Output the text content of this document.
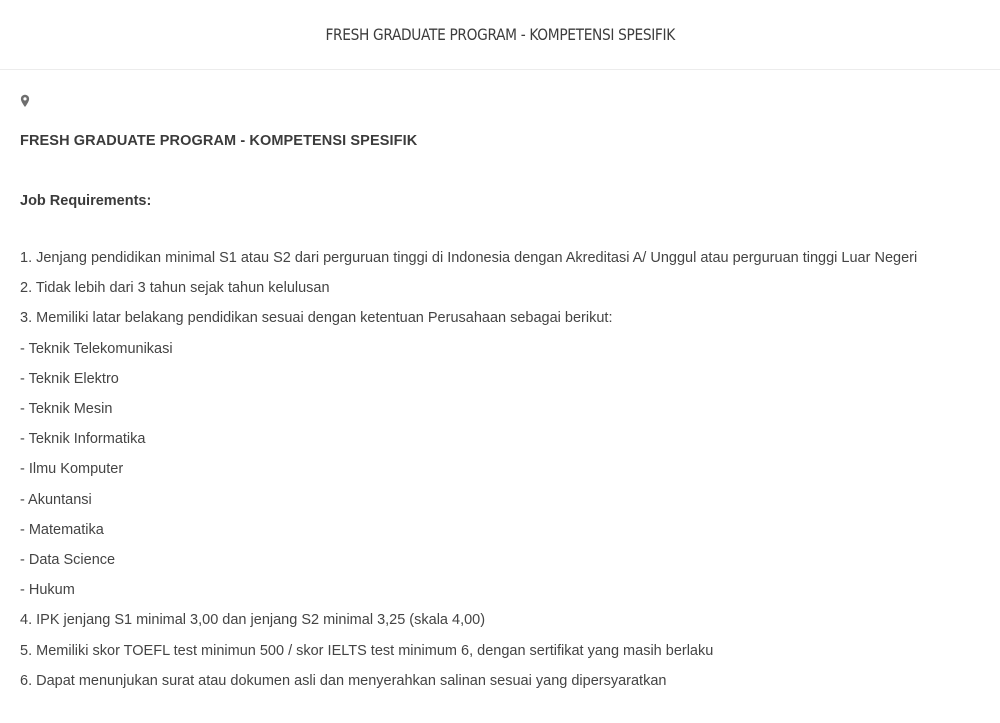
FRESH GRADUATE PROGRAM - KOMPETENSI SPESIFIK
FRESH GRADUATE PROGRAM - KOMPETENSI SPESIFIK
Job Requirements:
1. Jenjang pendidikan minimal S1 atau S2 dari perguruan tinggi di Indonesia dengan Akreditasi A/ Unggul atau perguruan tinggi Luar Negeri
2. Tidak lebih dari 3 tahun sejak tahun kelulusan
3. Memiliki latar belakang pendidikan sesuai dengan ketentuan Perusahaan sebagai berikut:
- Teknik Telekomunikasi
- Teknik Elektro
- Teknik Mesin
- Teknik Informatika
- Ilmu Komputer
- Akuntansi
- Matematika
- Data Science
- Hukum
4. IPK jenjang S1 minimal 3,00 dan jenjang S2 minimal 3,25 (skala 4,00)
5. Memiliki skor TOEFL test minimun 500 / skor IELTS test minimum 6, dengan sertifikat yang masih berlaku
6. Dapat menunjukan surat atau dokumen asli dan menyerahkan salinan sesuai yang dipersyaratkan
